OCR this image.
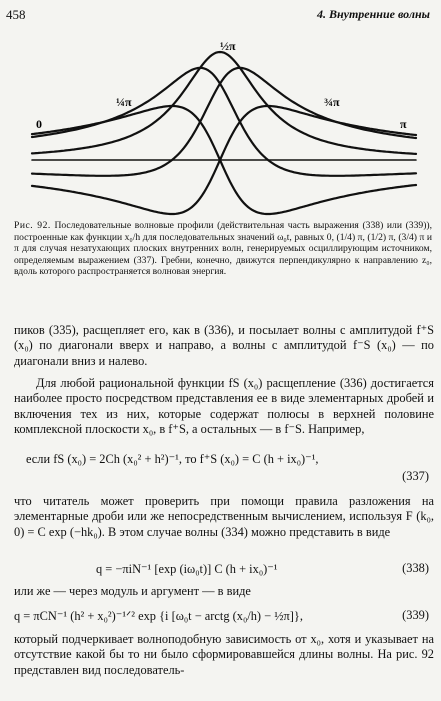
458	4. Внутренние волны
0
¼π
½π
¾π
π
Рис. 92. Последовательные волновые профили (действительная часть выражения (338) или (339)), построенные как функции x₀/h для последовательных значений ω₀t, равных 0, (1/4) π, (1/2) π, (3/4) π и π для случая незатухающих плоских внутренних волн, генерируемых осциллирующим источником, определяемым выражением (337). Гребни, конечно, движутся перпендикулярно к направлению z₀, вдоль которого распространяется волновая энергия.
пиков (335), расщепляет его, как в (336), и посылает волны с амплитудой f⁺S (x₀) по диагонали вверх и направо, а волны с амплитудой f⁻S (x₀) — по диагонали вниз и налево.
Для любой рациональной функции fS (x₀) расщепление (336) достигается наиболее просто посредством представления ее в виде элементарных дробей и включения тех из них, которые содержат полюсы в верхней половине комплексной плоскости x₀, в f⁺S, а остальных — в f⁻S. Например,
если fS (x₀) = 2Ch (x₀² + h²)⁻¹, то f⁺S (x₀) = C (h + ix₀)⁻¹,
(337)
что читатель может проверить при помощи правила разложения на элементарные дроби или же непосредственным вычислением, используя F (k₀, 0) = C exp (−hk₀). В этом случае волны (334) можно представить в виде
q = −πiN⁻¹ [exp (iω₀t)] C (h + ix₀)⁻¹	(338)
или же — через модуль и аргумент — в виде
q = πCN⁻¹ (h² + x₀²)⁻¹ᐟ² exp {i [ω₀t − arctg (x₀/h) − ½π]},	(339)
который подчеркивает волноподобную зависимость от x₀, хотя и указывает на отсутствие какой бы то ни было сформировавшейся длины волны. На рис. 92 представлен вид последователь-
